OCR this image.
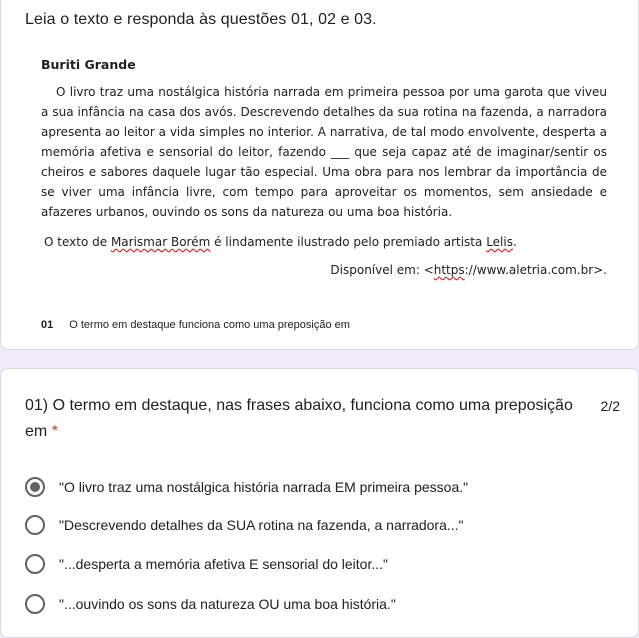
Leia o texto e responda às questões 01, 02 e 03.

Buriti Grande

O livro traz uma nostálgica história narrada em primeira pessoa por uma garota que viveu a sua infância na casa dos avós. Descrevendo detalhes da sua rotina na fazenda, a narradora apresenta ao leitor a vida simples no interior. A narrativa, de tal modo envolvente, desperta a memória afetiva e sensorial do leitor, fazendo ___ que seja capaz até de imaginar/sentir os cheiros e sabores daquele lugar tão especial. Uma obra para nos lembrar da importância de se viver uma infância livre, com tempo para aproveitar os momentos, sem ansiedade e afazeres urbanos, ouvindo os sons da natureza ou uma boa história.

O texto de Marismar Borém é lindamente ilustrado pelo premiado artista Lelis.

Disponível em: <https://www.aletria.com.br>.

01 O termo em destaque funciona como uma preposição em
01) O termo em destaque, nas frases abaixo, funciona como uma preposição em *
2/2
"O livro traz uma nostálgica história narrada EM primeira pessoa."
"Descrevendo detalhes da SUA rotina na fazenda, a narradora..."
"...desperta a memória afetiva E sensorial do leitor..."
"...ouvindo os sons da natureza OU uma boa história."
